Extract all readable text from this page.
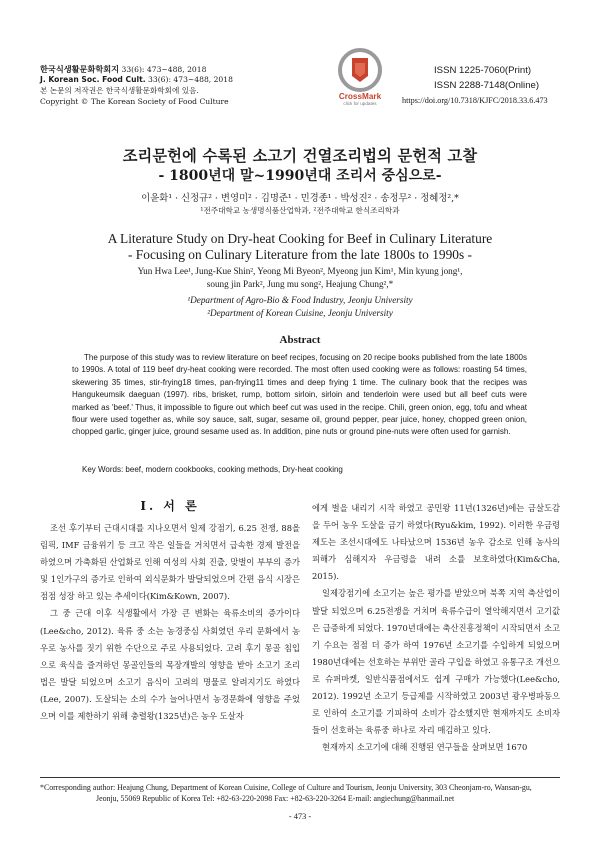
한국식생활문화학회지 33(6): 473~488, 2018
J. Korean Soc. Food Cult. 33(6): 473~488, 2018
본 논문의 저작권은 한국식생활문화학회에 있음.
Copyright © The Korean Society of Food Culture
CrossMark
click for updates
ISSN 1225-7060(Print)
ISSN 2288-7148(Online)
https://doi.org/10.7318/KJFC/2018.33.6.473
조리문헌에 수록된 소고기 건열조리법의 문헌적 고찰
- 1800년대 말~1990년대 조리서 중심으로-
이윤화¹ · 신정규² · 변영미² · 김명준¹ · 민경종¹ · 박성진² · 송정무² · 정혜정²,*
¹전주대학교 농생명식품산업학과, ²전주대학교 한식조리학과
A Literature Study on Dry-heat Cooking for Beef in Culinary Literature
- Focusing on Culinary Literature from the late 1800s to 1990s -
Yun Hwa Lee¹, Jung-Kue Shin², Yeong Mi Byeon², Myeong jun Kim¹, Min kyung jong¹,
soung jin Park², Jung mu song², Heajung Chung²,*
¹Department of Agro-Bio & Food Industry, Jeonju University
²Department of Korean Cuisine, Jeonju University
Abstract

The purpose of this study was to review literature on beef recipes, focusing on 20 recipe books published from the late 1800s to 1990s. A total of 119 beef dry-heat cooking were recorded. The most often used cooking were as follows: roasting 54 times, skewering 35 times, stir-frying18 times, pan-frying11 times and deep frying 1 time. The culinary book that the recipes was Hangukeumsik daeguan (1997). ribs, brisket, rump, bottom sirloin, sirloin and tenderloin were used but all beef cuts were marked as 'beef.' Thus, it impossible to figure out which beef cut was used in the recipe. Chili, green onion, egg, tofu and wheat flour were used together as, while soy sauce, salt, sugar, sesame oil, ground pepper, pear juice, honey, chopped green onion, chopped garlic, ginger juice, ground sesame used as. In addition, pine nuts or ground pine-nuts were often used for garnish.

Key Words: beef, modern cookbooks, cooking methods, Dry-heat cooking
Ⅰ. 서 론

조선 후기부터 근대시대를 지나오면서 일제 강점기, 6.25 전쟁, 88올림픽, IMF 금융위기 등 크고 작은 일들을 거치면서 급속한 경제 발전을 하였으며 가축화된 산업화로 인해 여성의 사회 진출, 맞벌이 부부의 증가 및 1인가구의 증가로 인하여 외식문화가 발달되었으며 간편 음식 시장은 점점 성장 하고 있는 추세이다(Kim&Kown, 2007).

그 중 근대 이후 식생활에서 가장 큰 변화는 육류소비의 증가이다(Lee&cho, 2012). 육류 중 소는 농경중심 사회였던 우리 문화에서 농우로 농사를 짓기 위한 수단으로 주로 사용되었다. 고려 후기 몽골 침입으로 육식을 즐겨하던 몽골인들의 목장개발의 영향을 받아 소고기 조리법은 발달 되었으며 소고기 음식이 고려의 명물로 알려지기도 하였다(Lee, 2007). 도살되는 소의 수가 늘어나면서 농경문화에 영향을 주었으며 이를 제한하기 위해 충렬왕(1325년)은 농우 도살자

에게 벌을 내리기 시작 하였고 공민왕 11년(1326년)에는 금살도감을 두어 농우 도살을 금기 하였다(Ryu&kim, 1992). 이러한 우금령제도는 조선시대에도 나타났으며 1536년 농우 감소로 인해 농사의 피해가 심해지자 우금령을 내려 소를 보호하였다(Kim&Cha, 2015).

일제강점기에 소고기는 높은 평가를 받았으며 북쪽 지역 축산업이 발달 되었으며 6.25전쟁을 거치며 육류수급이 열악해지면서 고기값은 급증하게 되었다. 1970년대에는 축산진흥정책이 시작되면서 소고기 수요는 점점 더 증가 하여 1976년 소고기를 수입하게 되었으며 1980년대에는 선호하는 부위만 골라 구입을 하였고 유통구조 개선으로 슈퍼마켓, 일반식품점에서도 쉽게 구매가 가능했다(Lee&cho, 2012). 1992년 소고기 등급제를 시작하였고 2003년 광우병파동으로 인하여 소고기를 기피하여 소비가 감소했지만 현재까지도 소비자들이 선호하는 육류중 하나로 자리 매김하고 있다.

현재까지 소고기에 대해 진행된 연구들을 살펴보면 1670

*Corresponding author: Heajung Chung, Department of Korean Cuisine, College of Culture and Tourism, Jeonju University, 303 Cheonjam-ro, Wansan-gu,
Jeonju, 55069 Republic of Korea Tel: +82-63-220-2098 Fax: +82-63-220-3264 E-mail: angiechung@hanmail.net
- 473 -
